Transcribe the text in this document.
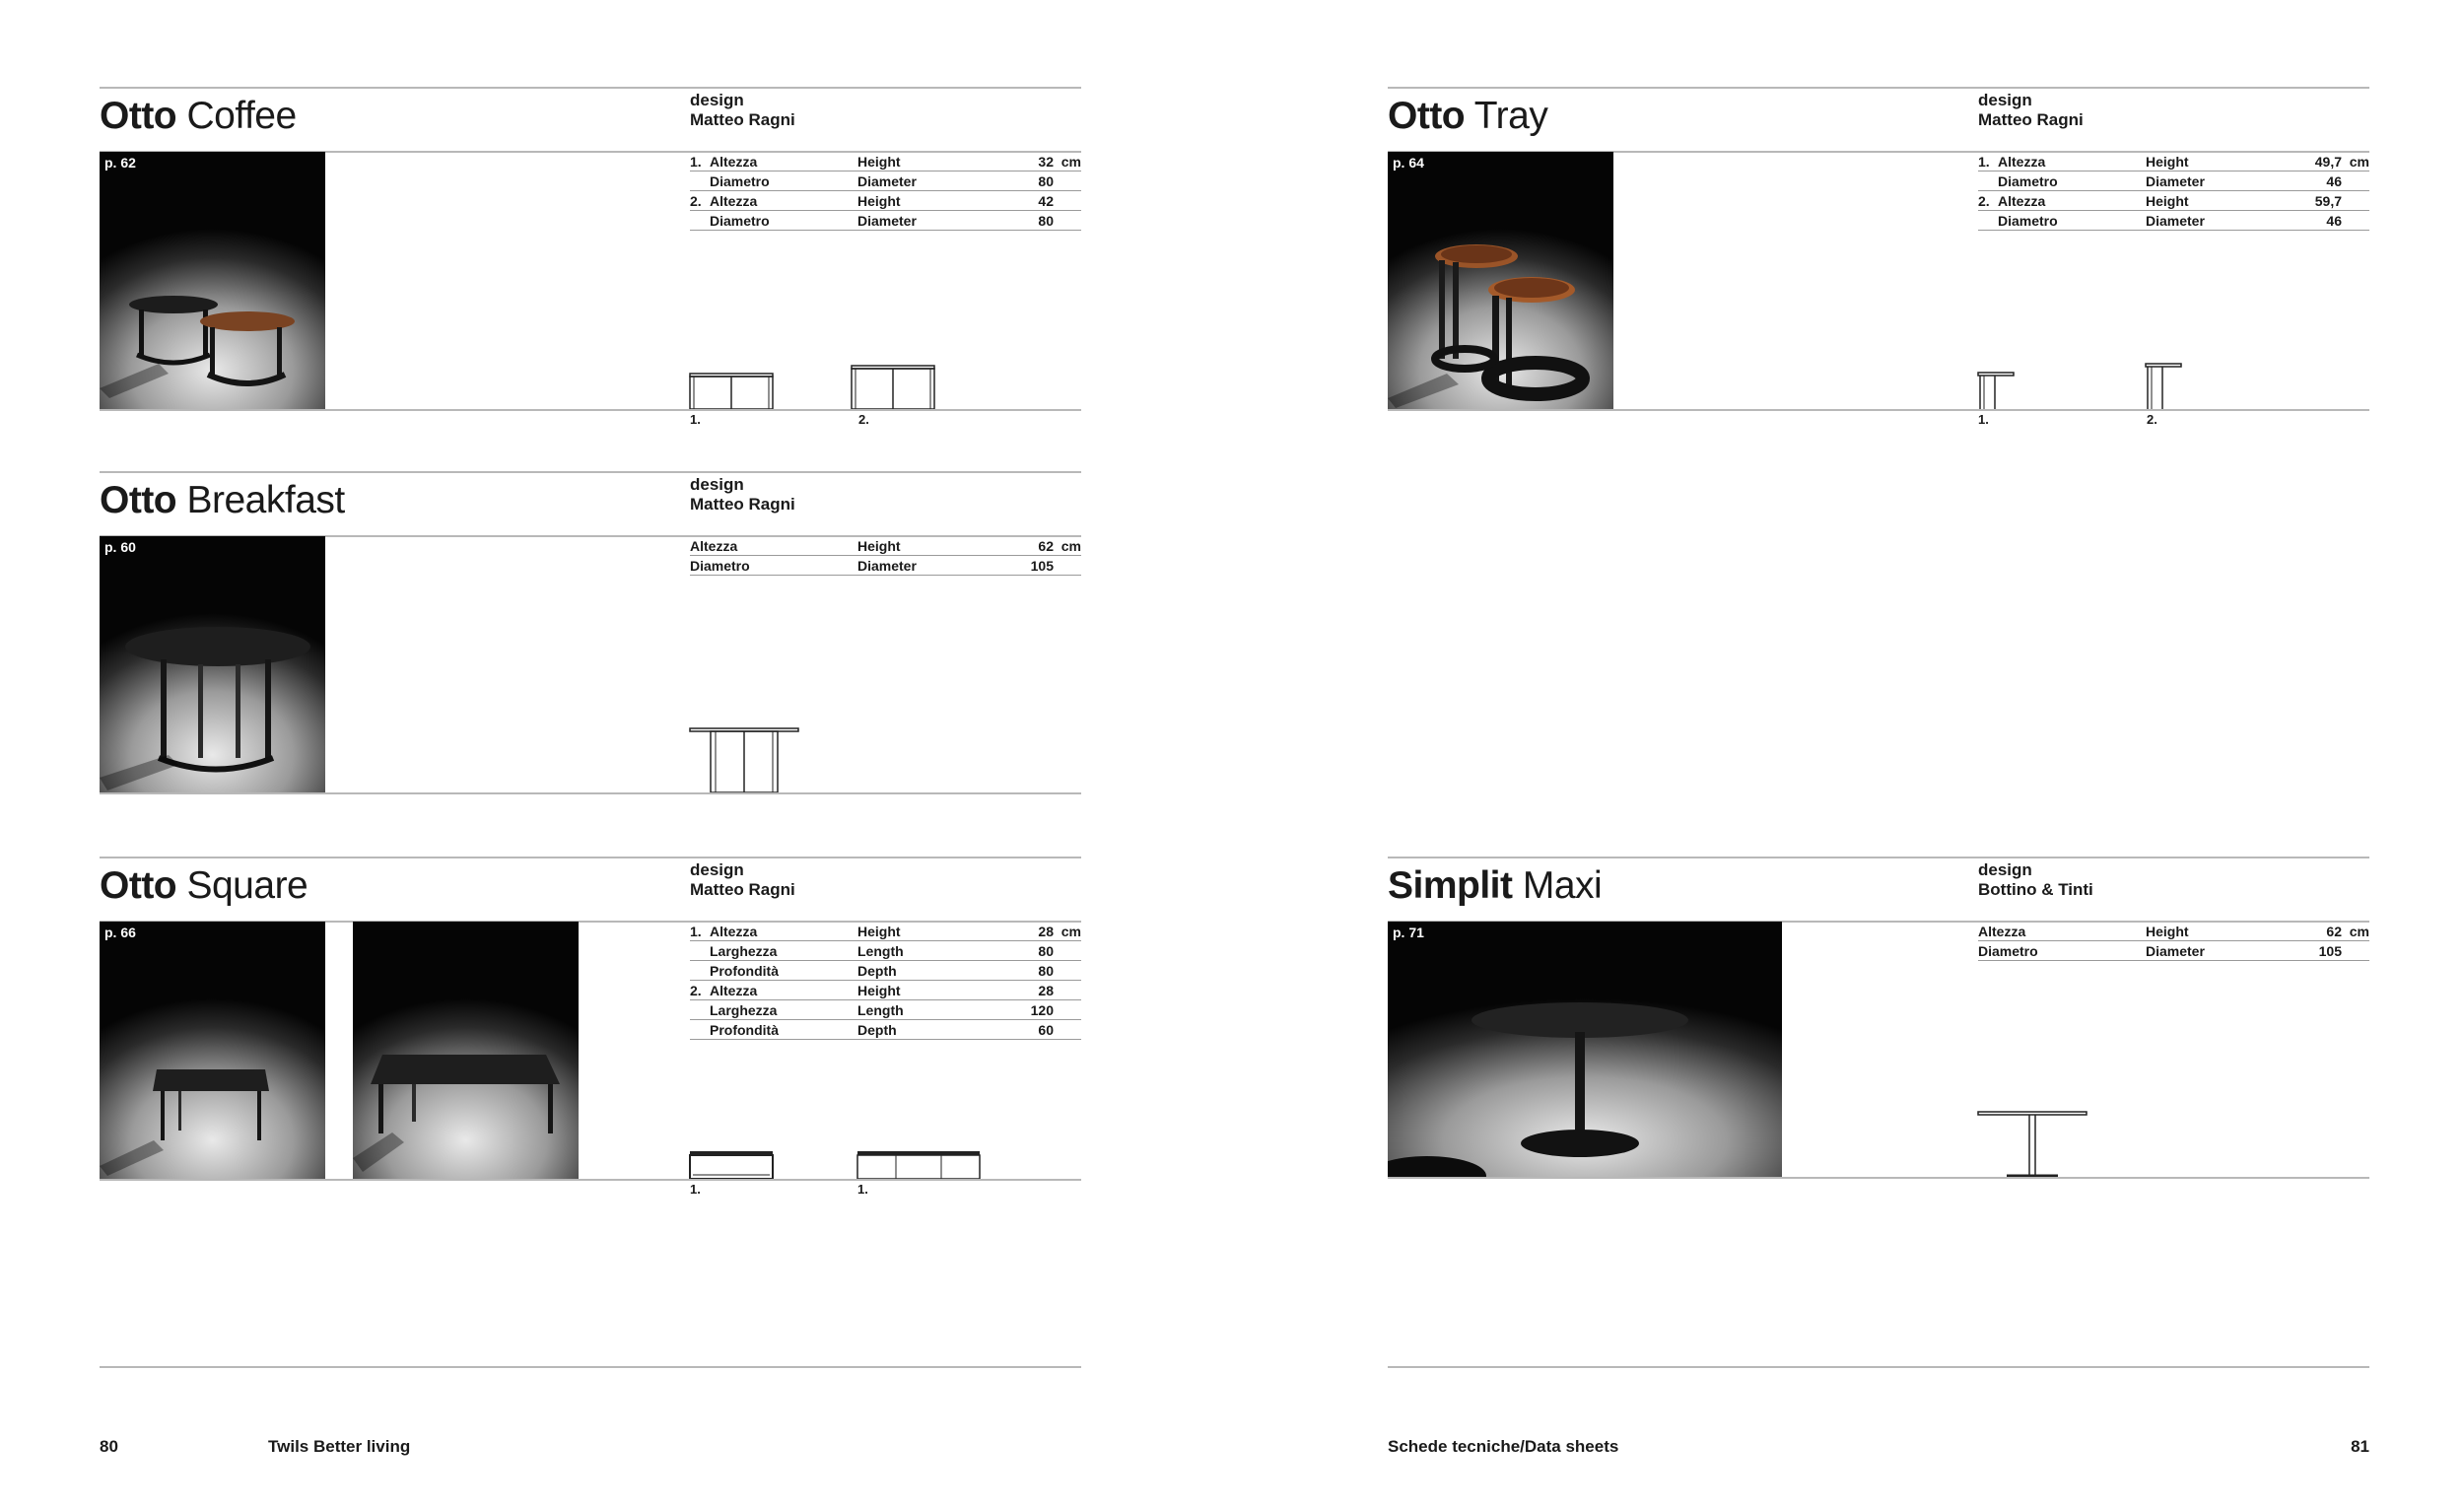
Otto Coffee	design
Matteo Ragni
p. 62	1. Altezza	Height	32 cm
Diametro	Diameter	80
2. Altezza	Height	42
Diametro	Diameter	80
1.	2.
Otto Breakfast	design
Matteo Ragni
p. 60	Altezza	Height	62 cm
Diametro	Diameter	105
Otto Square	design
Matteo Ragni
p. 66	1. Altezza	Height	28 cm
Larghezza	Length	80
Profondità	Depth	80
2. Altezza	Height	28
Larghezza	Length	120
Profondità	Depth	60
1.	1.
Otto Tray	design
Matteo Ragni
p. 64	1. Altezza	Height	49,7 cm
Diametro	Diameter	46
2. Altezza	Height	59,7
Diametro	Diameter	46
1.	2.
Simplit Maxi	design
Bottino & Tinti
p. 71	Altezza	Height	62 cm
Diametro	Diameter	105
80	Twils Better living	Schede tecniche/Data sheets	81
